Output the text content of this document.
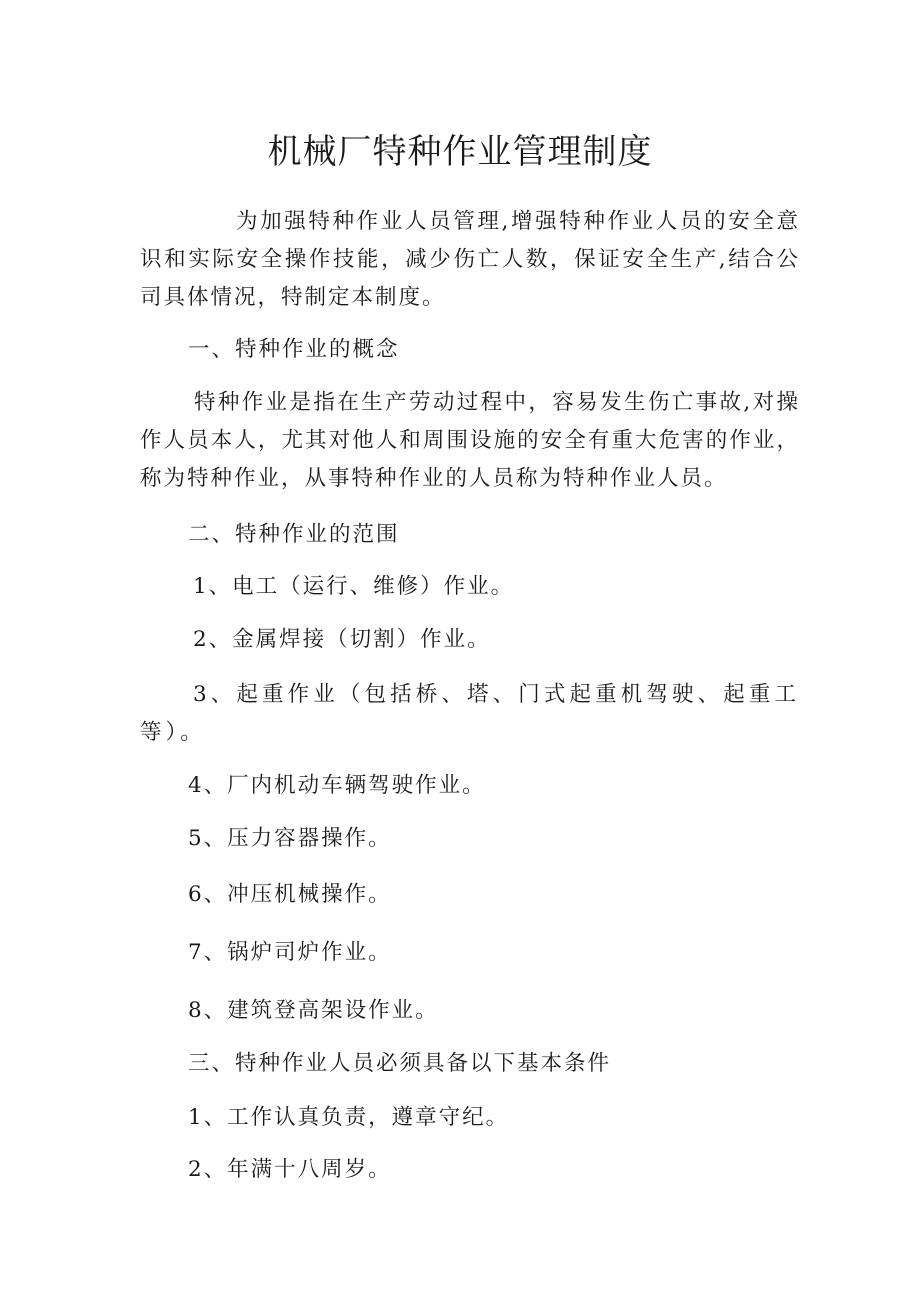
机械厂特种作业管理制度

为加强特种作业人员管理,增强特种作业人员的安全意识和实际安全操作技能，减少伤亡人数，保证安全生产,结合公司具体情况，特制定本制度。

一、特种作业的概念

特种作业是指在生产劳动过程中，容易发生伤亡事故,对操作人员本人，尤其对他人和周围设施的安全有重大危害的作业，称为特种作业，从事特种作业的人员称为特种作业人员。

二、特种作业的范围

1、电工（运行、维修）作业。

2、金属焊接（切割）作业。

3、起重作业（包括桥、塔、门式起重机驾驶、起重工等）。

4、厂内机动车辆驾驶作业。

5、压力容器操作。

6、冲压机械操作。

7、锅炉司炉作业。

8、建筑登高架设作业。

三、特种作业人员必须具备以下基本条件

1、工作认真负责，遵章守纪。

2、年满十八周岁。
